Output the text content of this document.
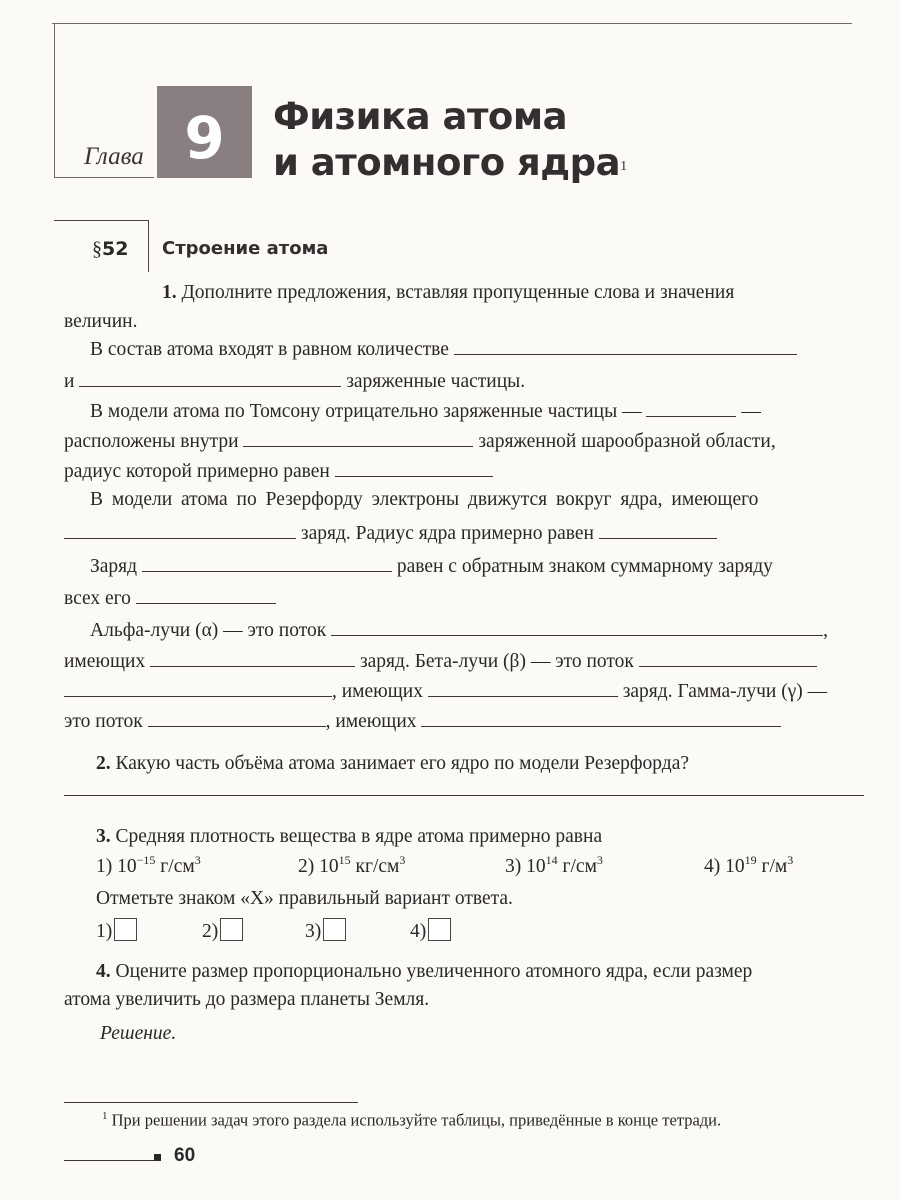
Глава 9	Физика атома
и атомного ядра$^1$
§52 Строение атома
1. Дополните предложения, вставляя пропущенные слова и значения
величин.
В состав атома входят в равном количестве
и	заряженные частицы.
В модели атома по Томсону отрицательно заряженные частицы —	—
расположены внутри	заряженной шарообразной области,
радиус которой примерно равен
В модели атома по Резерфорду электроны движутся вокруг ядра, имеющего
заряд. Радиус ядра примерно равен
Заряд	равен с обратным знаком суммарному заряду
всех его
Альфа-лучи (α) — это поток	,
имеющих	заряд. Бета-лучи (β) — это поток
, имеющих	заряд. Гамма-лучи (γ) —
это поток	, имеющих
2. Какую часть объёма атома занимает его ядро по модели Резерфорда?
3. Средняя плотность вещества в ядре атома примерно равна
1) $10^{-15}$ $г/см^3$	2) $10^{15}$ $кг/см^3$	3) $10^{14}$ $г/см^3$	4) $10^{19}$ $г/м^3$
Отметьте знаком «X» правильный вариант ответа.
1)	2)	3)	4)
4. Оцените размер пропорционально увеличенного атомного ядра, если размер
атома увеличить до размера планеты Земля.
Решение.
$^1$ При решении задач этого раздела используйте таблицы, приведённые в конце тетради.
60
